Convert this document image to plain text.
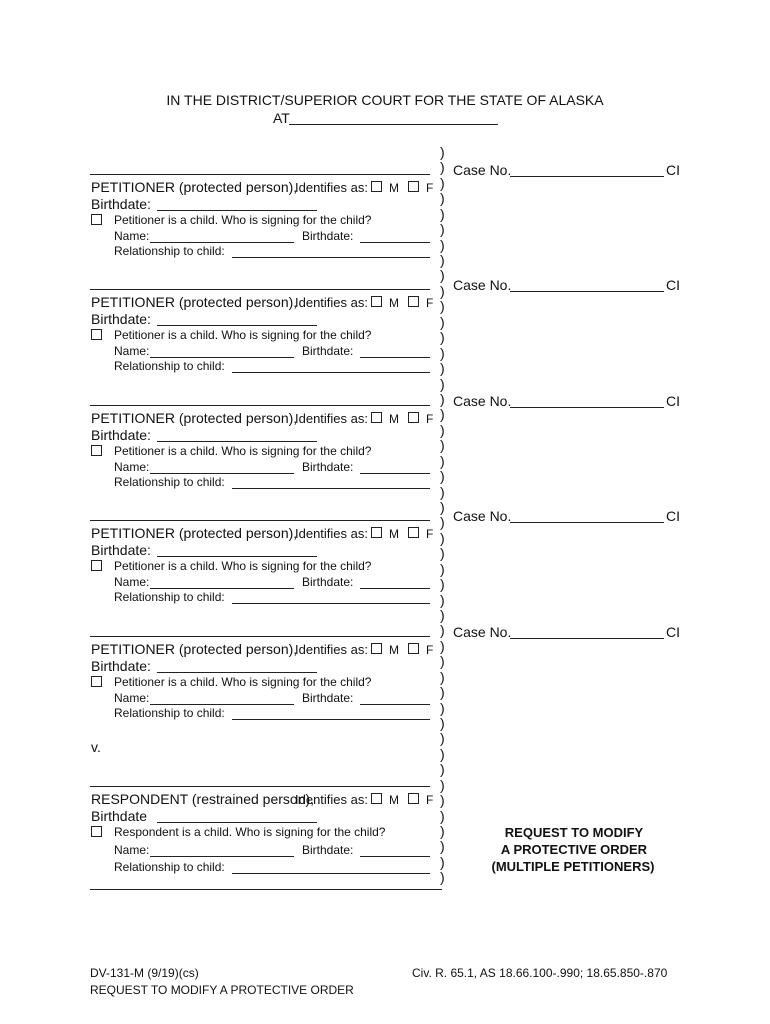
IN THE DISTRICT/SUPERIOR COURT FOR THE STATE OF ALASKA
AT
)
)
)
)
)
)
)
)
)
)
)
)
)
)
)
)
)
)
)
)
)
)
)
)
)
)
)
)
)
)
)
)
)
)
)
)
)
)
)
)
)
)
)
)
)
)
)
)
Case No.	CI
PETITIONER (protected person),
Identifies as: M F
Birthdate:
Petitioner is a child. Who is signing for the child?
Name:	Birthdate:
Relationship to child:
Case No.	CI
PETITIONER (protected person),
Identifies as: M F
Birthdate:
Petitioner is a child. Who is signing for the child?
Name:	Birthdate:
Relationship to child:
Case No.	CI
PETITIONER (protected person),
Identifies as: M F
Birthdate:
Petitioner is a child. Who is signing for the child?
Name:	Birthdate:
Relationship to child:
Case No.	CI
PETITIONER (protected person),
Identifies as: M F
Birthdate:
Petitioner is a child. Who is signing for the child?
Name:	Birthdate:
Relationship to child:
Case No.	CI
PETITIONER (protected person),
Identifies as: M F
Birthdate:
Petitioner is a child. Who is signing for the child?
Name:	Birthdate:
Relationship to child:
v.
RESPONDENT (restrained person),
Identifies as: M F
Birthdate
Respondent is a child. Who is signing for the child?
Name:	Birthdate:
Relationship to child:
REQUEST TO MODIFY
A PROTECTIVE ORDER
(MULTIPLE PETITIONERS)
DV-131-M (9/19)(cs)
REQUEST TO MODIFY A PROTECTIVE ORDER
Civ. R. 65.1, AS 18.66.100-.990; 18.65.850-.870
